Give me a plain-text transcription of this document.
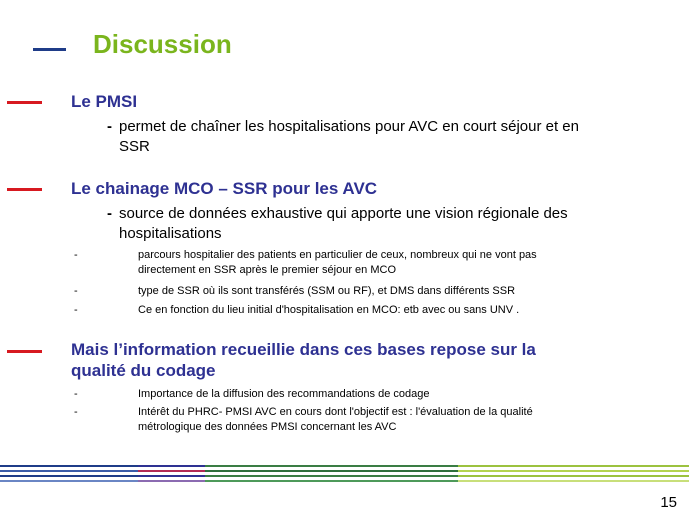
Discussion
Le PMSI
- permet de chaîner les hospitalisations pour AVC en court séjour et en
SSR
Le chainage MCO – SSR pour les AVC
- source de données exhaustive qui apporte une vision régionale des
hospitalisations
-	parcours hospitalier des patients en particulier de ceux, nombreux qui ne vont pas
directement en SSR après le premier séjour en MCO
-	type de SSR où ils sont transférés (SSM ou RF), et DMS dans différents SSR
-	Ce en fonction du lieu initial d'hospitalisation en MCO: etb avec ou sans UNV .
Mais l’information recueillie dans ces bases repose sur la
qualité du codage
-	Importance de la diffusion des recommandations de codage
-	Intérêt du PHRC- PMSI AVC en cours dont l'objectif est : l'évaluation de la qualité
métrologique des données PMSI concernant les AVC
15
